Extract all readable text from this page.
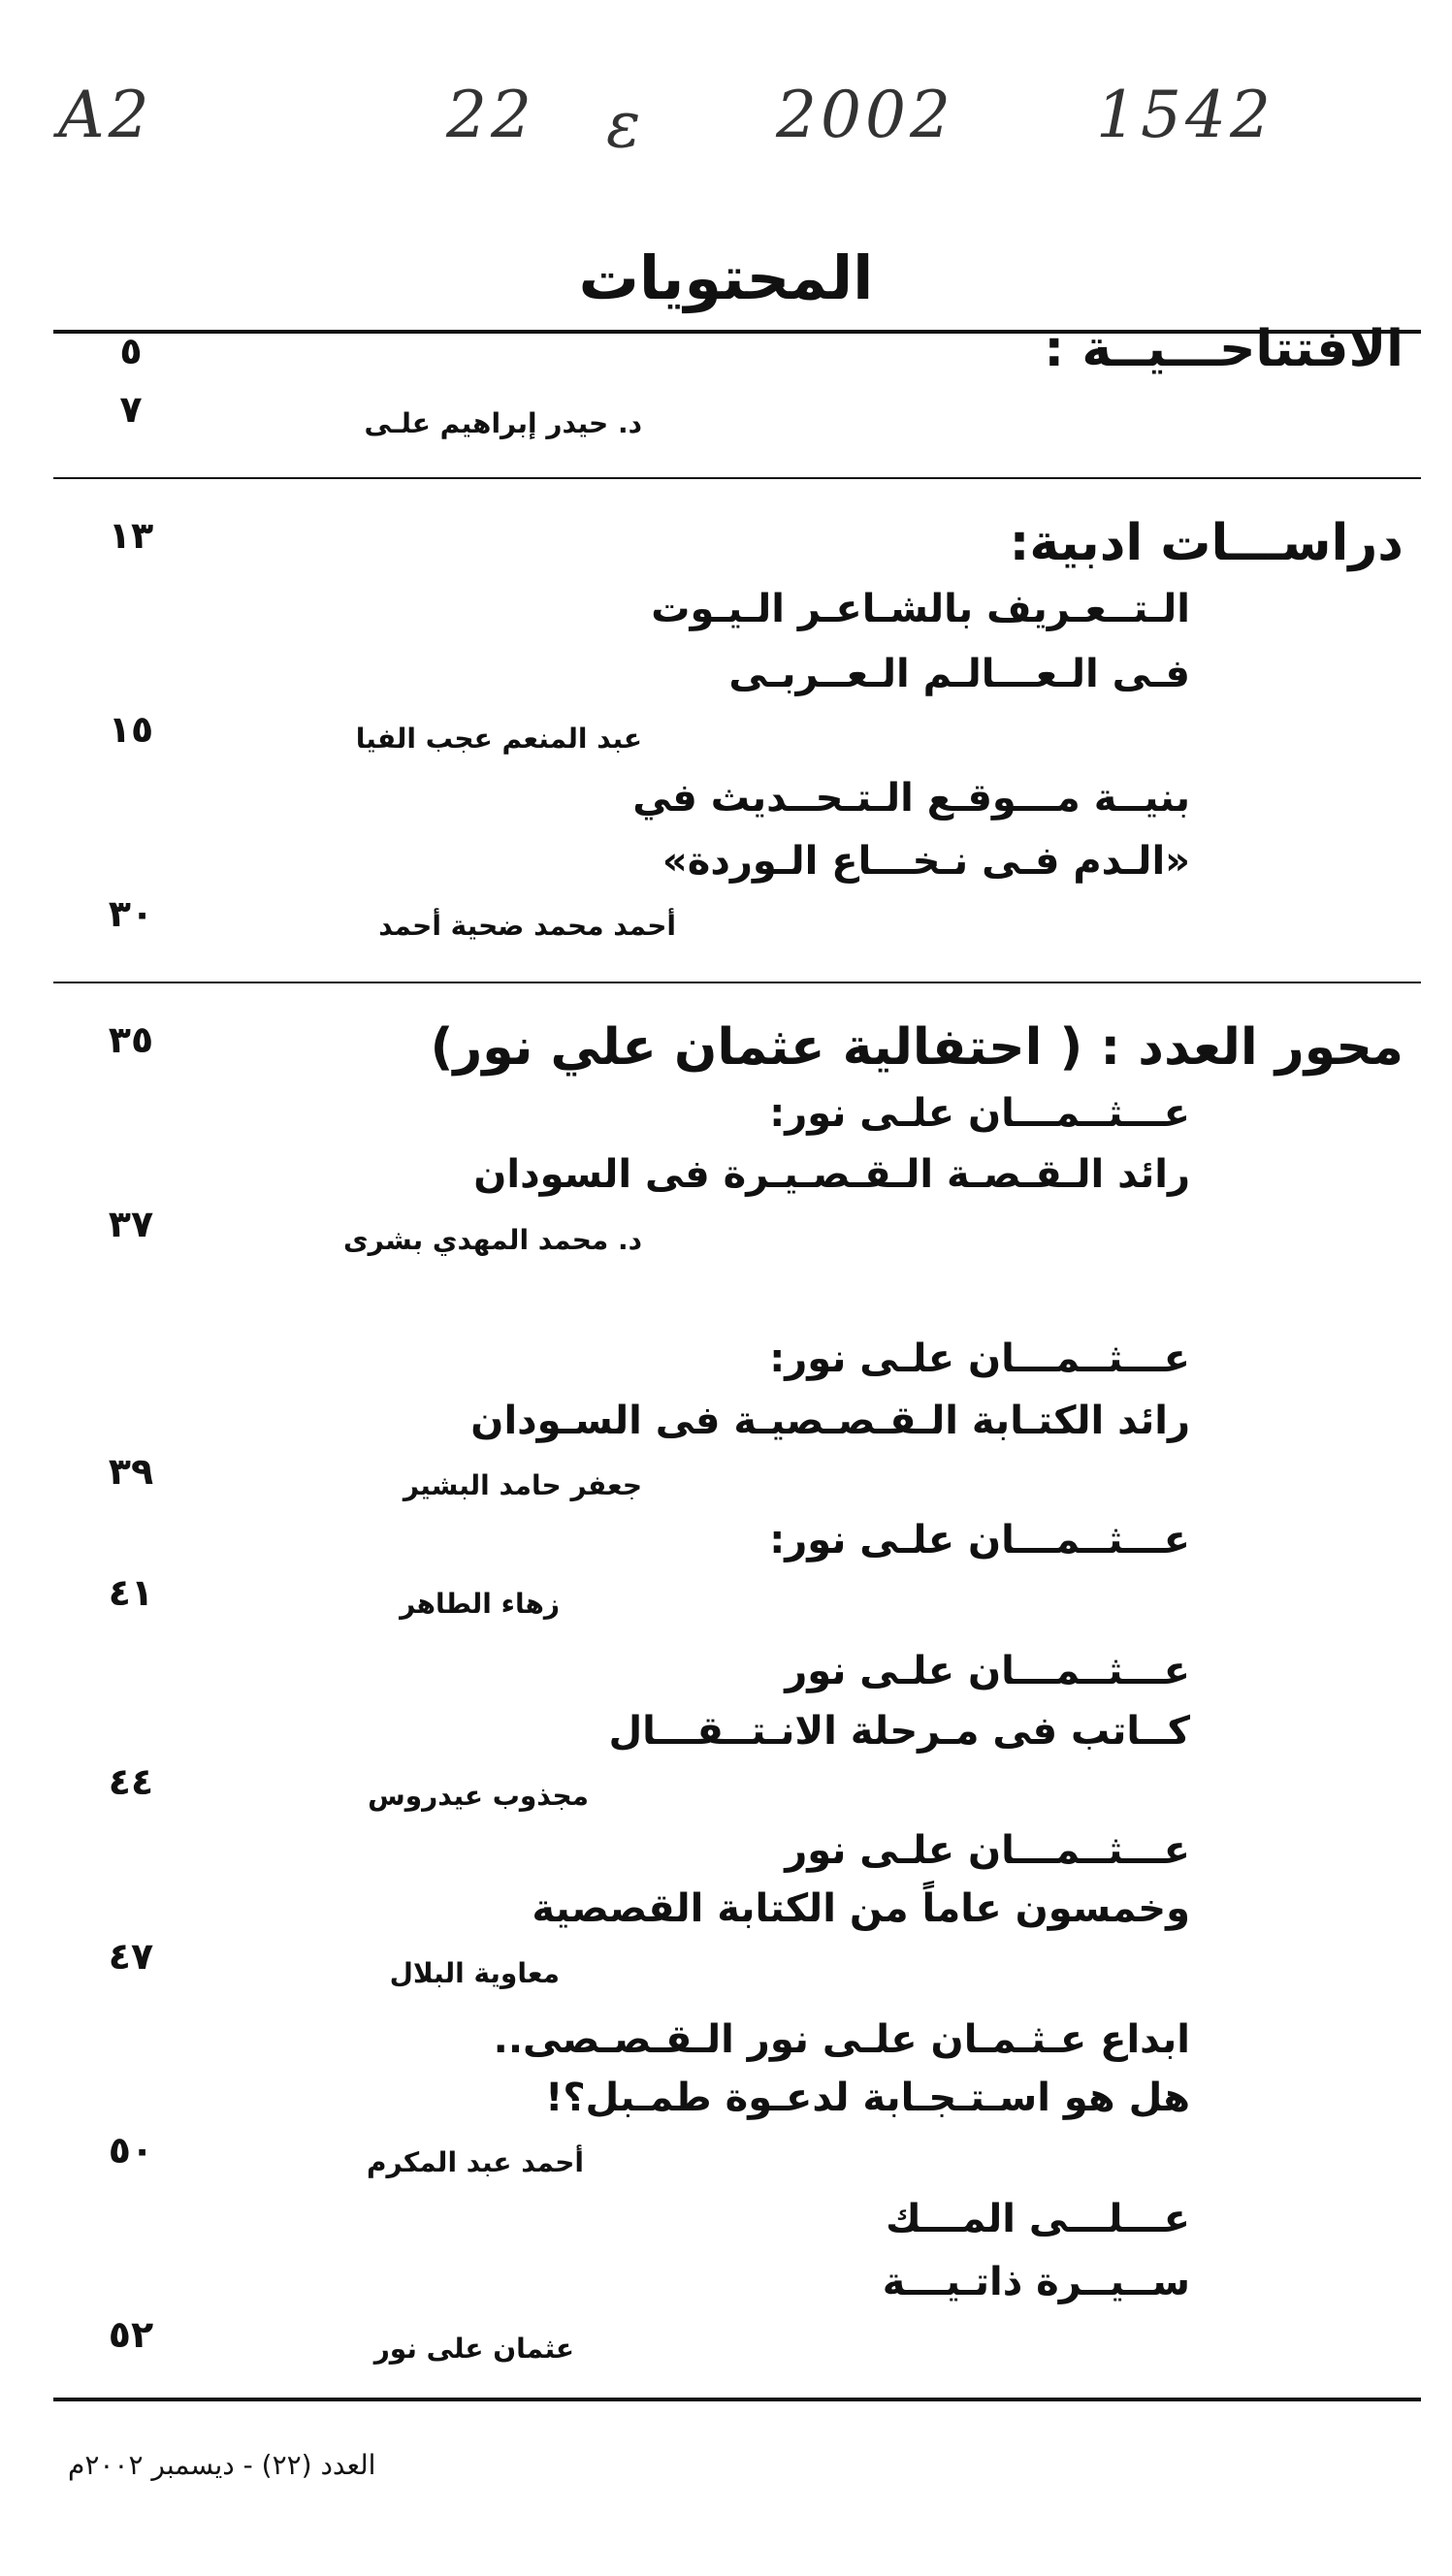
A2	22 ε 2002 1542
المحتويات
الافتتاحـــيــة :
٥
د. حيدر إبراهيم علـى
٧
دراســـات ادبية:
١٣
الـتــعـريف بالشـاعـر الـيـوت
فـى الـعـــالـم الـعــربـى
عبد المنعم عجب الفيا
١٥
بنيــة مـــوقـع الـتـحــديث في
«الـدم فـى نـخـــاع الـوردة»
أحمد محمد ضحية أحمد
٣٠
محور العدد : ( احتفالية عثمان علي نور)
٣٥
عـــثــمـــان علـى نور:
رائد الـقـصـة الـقـصـيـرة فى السودان
د. محمد المهدي بشرى
٣٧
عـــثــمـــان علـى نور:
رائد الكتـابة الـقـصـصيـة فى السـودان
جعفر حامد البشير
٣٩
عـــثــمـــان علـى نور:
زهاء الطاهر
٤١
عـــثــمـــان علـى نور
كــاتب فى مـرحلة الانـتــقـــال
مجذوب عيدروس
٤٤
عـــثــمـــان علـى نور
وخمسون عاماً من الكتابة القصصية
معاوية البلال
٤٧
ابداع عـثـمـان علـى نور الـقـصـصى..
هل هو اسـتـجـابة لدعـوة طمـبل؟!
أحمد عبد المكرم
٥٠
عـــلـــى المـــك
ســيــرة ذاتـيـــة
عثمان على نور
٥٢
العدد (٢٢) - ديسمبر ٢٠٠٢م
